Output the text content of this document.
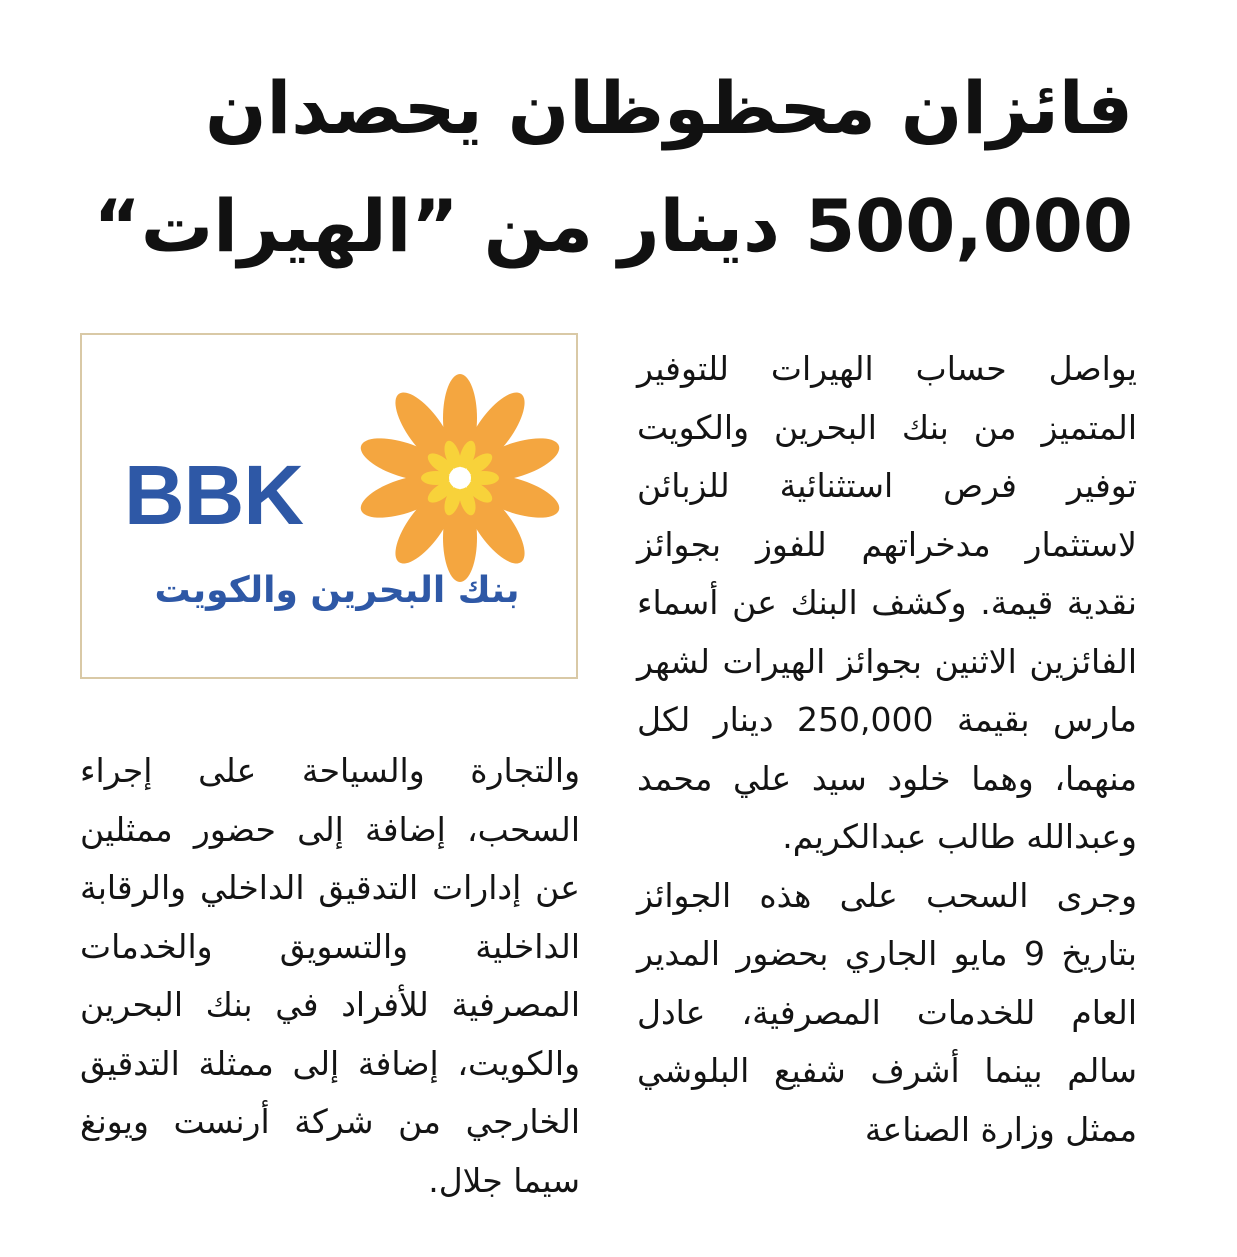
فائزان محظوظان يحصدان
500,000 دينار من ”الهيرات“

يواصل حساب الهيرات للتوفير المتميز من بنك البحرين والكويت توفير فرص استثنائية للزبائن لاستثمار مدخراتهم للفوز بجوائز نقدية قيمة. وكشف البنك عن أسماء الفائزين الاثنين بجوائز الهيرات لشهر مارس بقيمة 250,000 دينار لكل منهما، وهما خلود سيد علي محمد وعبدالله طالب عبدالكريم.

وجرى السحب على هذه الجوائز بتاريخ 9 مايو الجاري بحضور المدير العام للخدمات المصرفية، عادل سالم بينما أشرف شفيع البلوشي ممثل وزارة الصناعة

BBK
بنك البحرين والكويت

والتجارة والسياحة على إجراء السحب، إضافة إلى حضور ممثلين عن إدارات التدقيق الداخلي والرقابة الداخلية والتسويق والخدمات المصرفية للأفراد في بنك البحرين والكويت، إضافة إلى ممثلة التدقيق الخارجي من شركة أرنست ويونغ سيما جلال.
